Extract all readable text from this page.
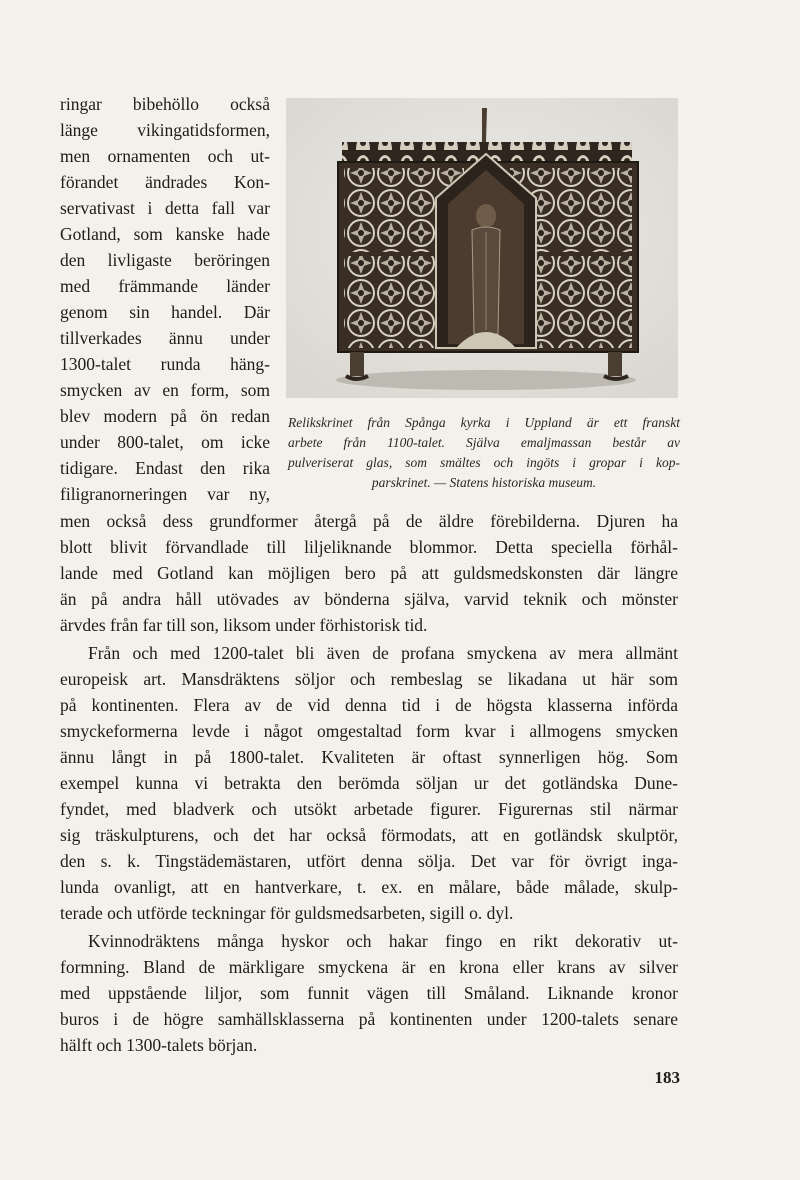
ringar bibehöllo också
länge vikingatidsformen,
men ornamenten och ut-
förandet ändrades Kon-
servativast i detta fall var
Gotland, som kanske hade
den livligaste beröringen
med främmande länder
genom sin handel. Där
tillverkades ännu under
1300-talet runda häng-
smycken av en form, som
blev modern på ön redan
under 800-talet, om icke
tidigare. Endast den rika
filigranorneringen var ny,
Relikskrinet från Spånga kyrka i Uppland är ett franskt
arbete från 1100-talet. Själva emaljmassan består av
pulveriserat glas, som smältes och ingöts i gropar i kop-
parskrinet. — Statens historiska museum.
men också dess grundformer återgå på de äldre förebilderna. Djuren ha
blott blivit förvandlade till liljeliknande blommor. Detta speciella förhål-
lande med Gotland kan möjligen bero på att guldsmedskonsten där längre
än på andra håll utövades av bönderna själva, varvid teknik och mönster
ärvdes från far till son, liksom under förhistorisk tid.
Från och med 1200-talet bli även de profana smyckena av mera allmänt
europeisk art. Mansdräktens söljor och rembeslag se likadana ut här som
på kontinenten. Flera av de vid denna tid i de högsta klasserna införda
smyckeformerna levde i något omgestaltad form kvar i allmogens smycken
ännu långt in på 1800-talet. Kvaliteten är oftast synnerligen hög. Som
exempel kunna vi betrakta den berömda söljan ur det gotländska Dune-
fyndet, med bladverk och utsökt arbetade figurer. Figurernas stil närmar
sig träskulpturens, och det har också förmodats, att en gotländsk skulptör,
den s. k. Tingstädemästaren, utfört denna sölja. Det var för övrigt inga-
lunda ovanligt, att en hantverkare, t. ex. en målare, både målade, skulp-
terade och utförde teckningar för guldsmedsarbeten, sigill o. dyl.
Kvinnodräktens många hyskor och hakar fingo en rikt dekorativ ut-
formning. Bland de märkligare smyckena är en krona eller krans av silver
med uppstående liljor, som funnit vägen till Småland. Liknande kronor
buros i de högre samhällsklasserna på kontinenten under 1200-talets senare
hälft och 1300-talets början.
183
